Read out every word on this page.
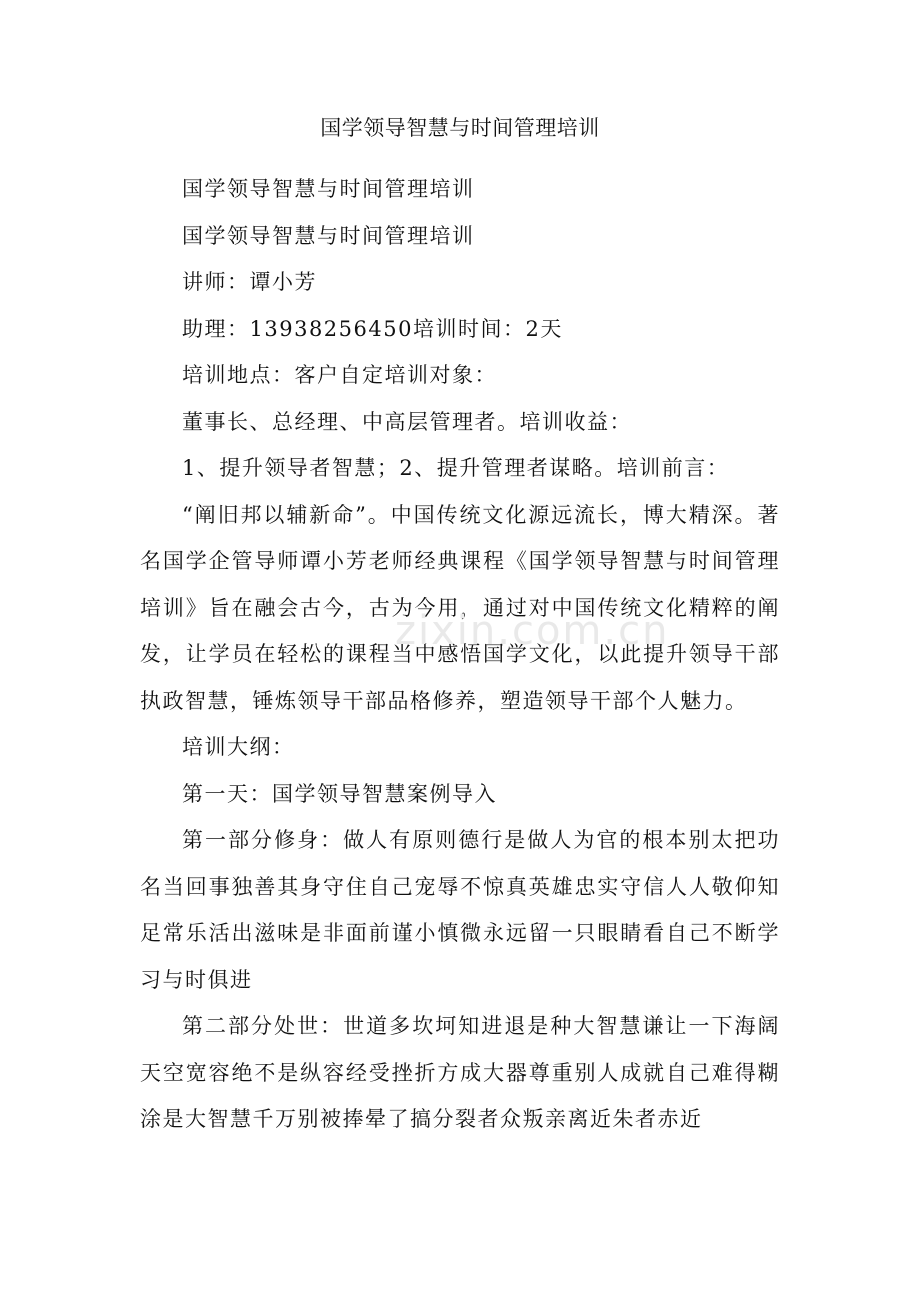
国学领导智慧与时间管理培训

国学领导智慧与时间管理培训

国学领导智慧与时间管理培训

讲师：谭小芳

助理：13938256450培训时间：2天

培训地点：客户自定培训对象：

董事长、总经理、中高层管理者。培训收益：

1、提升领导者智慧；2、提升管理者谋略。培训前言：

“阐旧邦以辅新命”。中国传统文化源远流长，博大精深。著名国学企管导师谭小芳老师经典课程《国学领导智慧与时间管理培训》旨在融会古今，古为今用，通过对中国传统文化精粹的阐发，让学员在轻松的课程当中感悟国学文化，以此提升领导干部执政智慧，锤炼领导干部品格修养，塑造领导干部个人魅力。

培训大纲：

第一天：国学领导智慧案例导入

第一部分修身：做人有原则德行是做人为官的根本别太把功名当回事独善其身守住自己宠辱不惊真英雄忠实守信人人敬仰知足常乐活出滋味是非面前谨小慎微永远留一只眼睛看自己不断学习与时俱进

第二部分处世：世道多坎坷知进退是种大智慧谦让一下海阔天空宽容绝不是纵容经受挫折方成大器尊重别人成就自己难得糊涂是大智慧千万别被捧晕了搞分裂者众叛亲离近朱者赤近

zixin.com.cn
